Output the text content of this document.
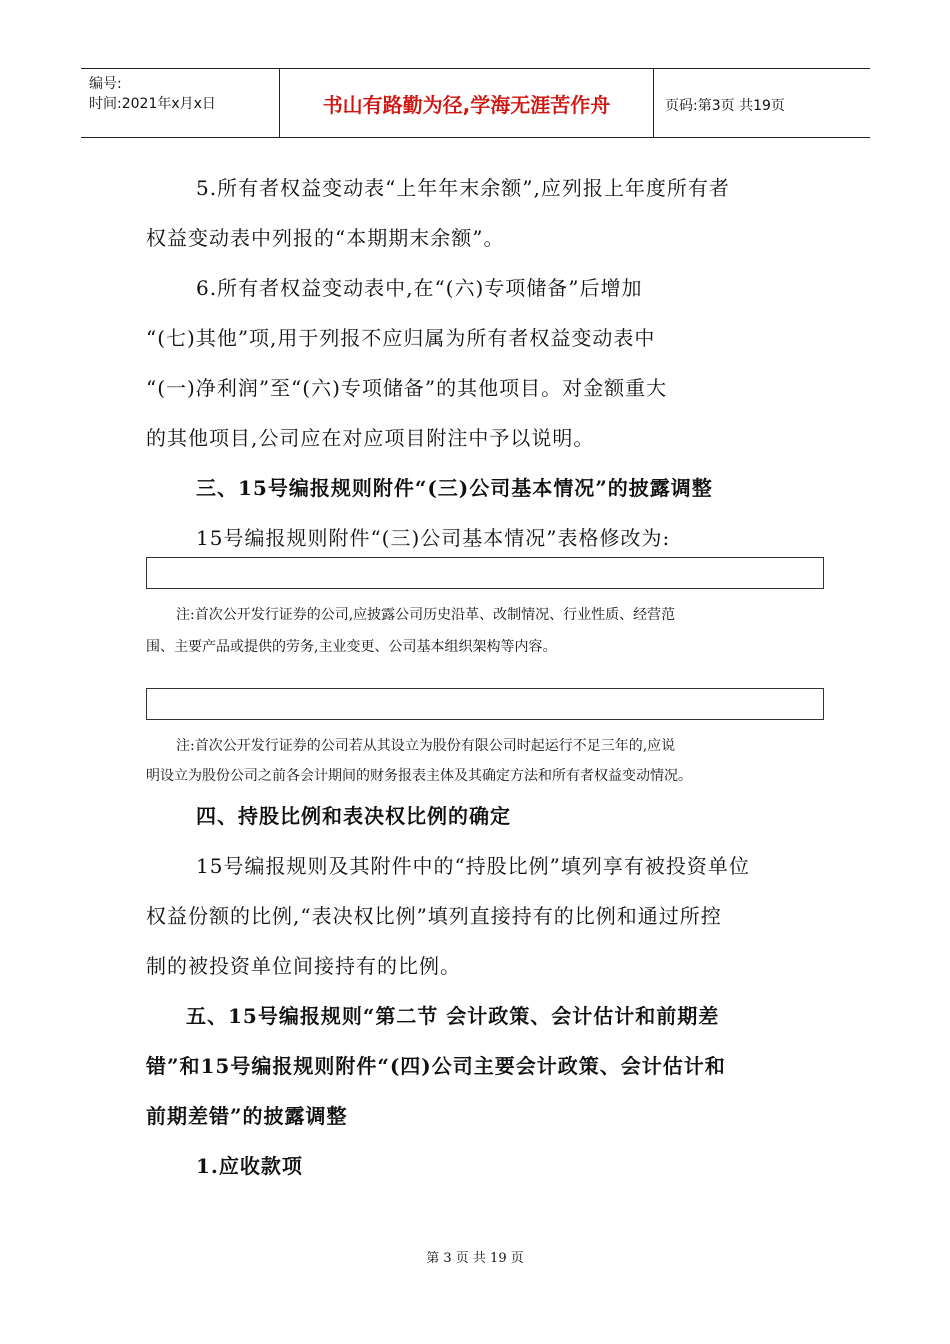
编号:
时间:2021年x月x日	书山有路勤为径,学海无涯苦作舟	页码:第3页 共19页
5.所有者权益变动表“上年年末余额”,应列报上年度所有者
权益变动表中列报的“本期期末余额”。
6.所有者权益变动表中,在“(六)专项储备”后增加
“(七)其他”项,用于列报不应归属为所有者权益变动表中
“(一)净利润”至“(六)专项储备”的其他项目。对金额重大
的其他项目,公司应在对应项目附注中予以说明。
三、15号编报规则附件“(三)公司基本情况”的披露调整
15号编报规则附件“(三)公司基本情况”表格修改为:
注:首次公开发行证券的公司,应披露公司历史沿革、改制情况、行业性质、经营范
围、主要产品或提供的劳务,主业变更、公司基本组织架构等内容。
注:首次公开发行证券的公司若从其设立为股份有限公司时起运行不足三年的,应说
明设立为股份公司之前各会计期间的财务报表主体及其确定方法和所有者权益变动情况。
四、持股比例和表决权比例的确定
15号编报规则及其附件中的“持股比例”填列享有被投资单位
权益份额的比例,“表决权比例”填列直接持有的比例和通过所控
制的被投资单位间接持有的比例。
五、15号编报规则“第二节 会计政策、会计估计和前期差
错”和15号编报规则附件“(四)公司主要会计政策、会计估计和
前期差错”的披露调整
1.应收款项
第 3 页 共 19 页
